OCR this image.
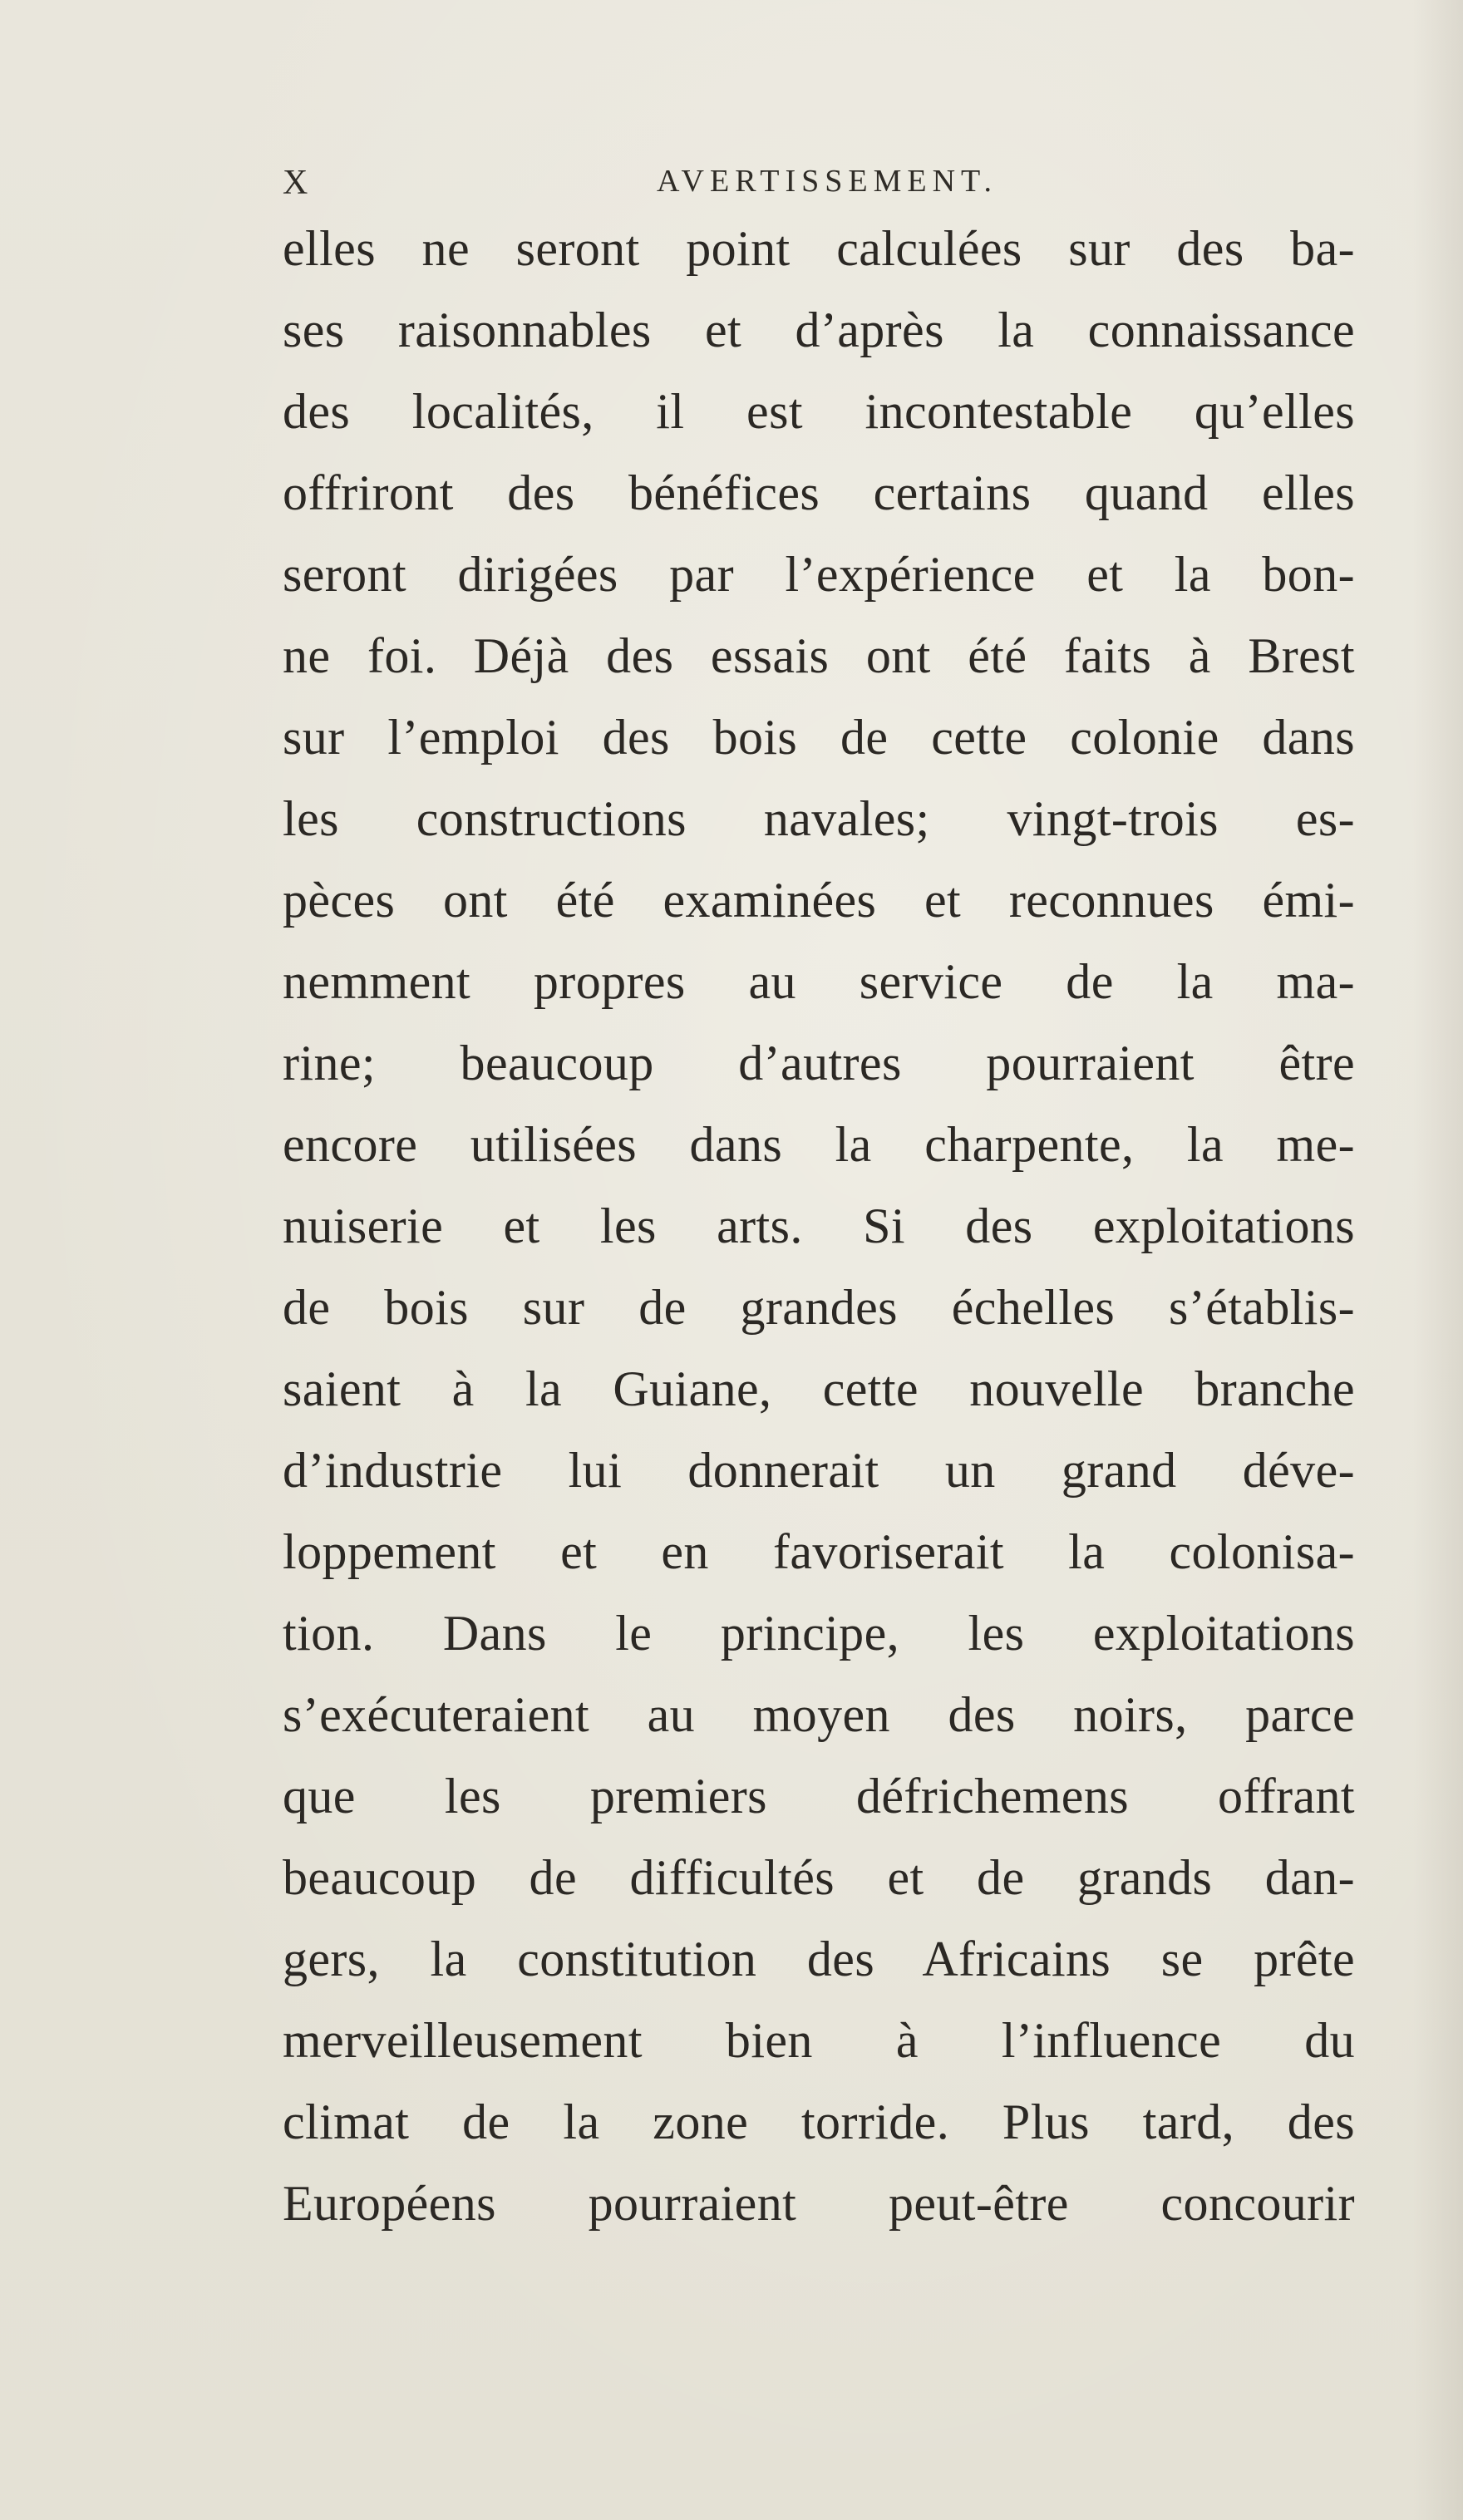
X	AVERTISSEMENT.
elles ne seront point calculées sur des ba-
ses raisonnables et d’après la connaissance
des localités, il est incontestable qu’elles
offriront des bénéfices certains quand elles
seront dirigées par l’expérience et la bon-
ne foi. Déjà des essais ont été faits à Brest
sur l’emploi des bois de cette colonie dans
les constructions navales; vingt-trois es-
pèces ont été examinées et reconnues émi-
nemment propres au service de la ma-
rine; beaucoup d’autres pourraient être
encore utilisées dans la charpente, la me-
nuiserie et les arts. Si des exploitations
de bois sur de grandes échelles s’établis-
saient à la Guiane, cette nouvelle branche
d’industrie lui donnerait un grand déve-
loppement et en favoriserait la colonisa-
tion. Dans le principe, les exploitations
s’exécuteraient au moyen des noirs, parce
que les premiers défrichemens offrant
beaucoup de difficultés et de grands dan-
gers, la constitution des Africains se prête
merveilleusement bien à l’influence du
climat de la zone torride. Plus tard, des
Européens pourraient peut-être concourir
